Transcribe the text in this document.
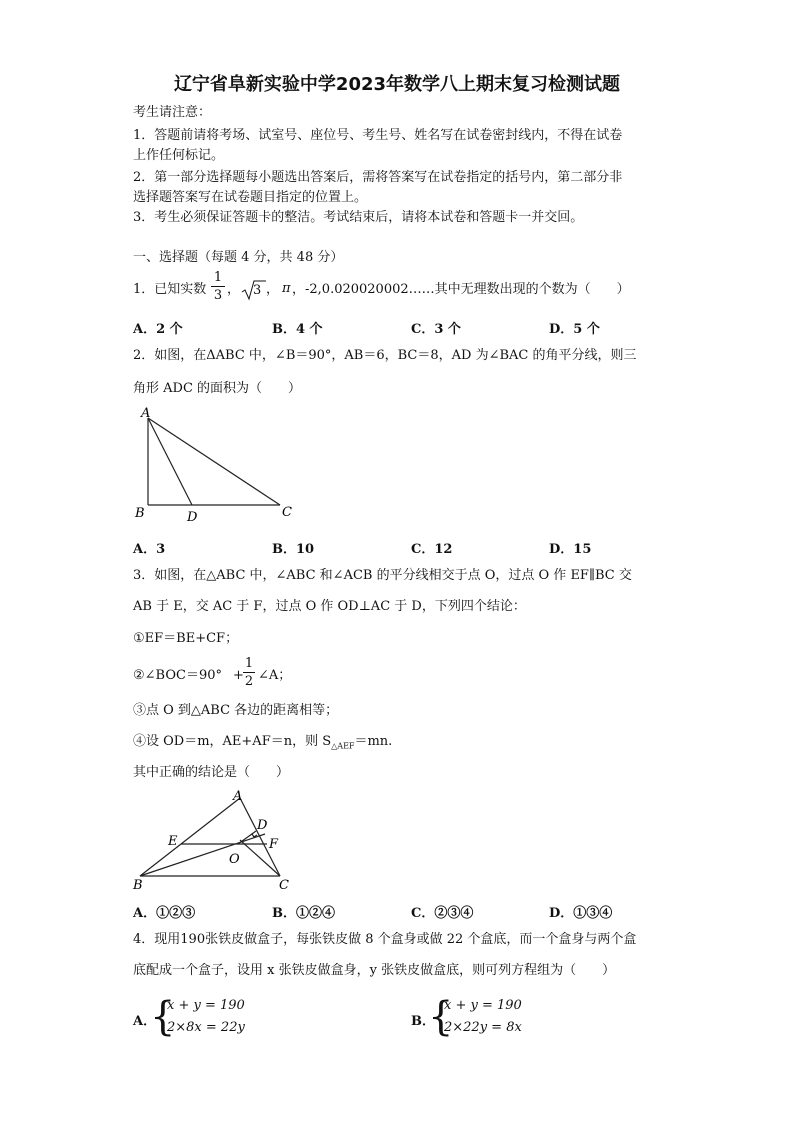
辽宁省阜新实验中学2023年数学八上期末复习检测试题
考生请注意：
1．答题前请将考场、试室号、座位号、考生号、姓名写在试卷密封线内，不得在试卷
上作任何标记。
2．第一部分选择题每小题选出答案后，需将答案写在试卷指定的括号内，第二部分非
选择题答案写在试卷题目指定的位置上。
3．考生必须保证答题卡的整洁。考试结束后，请将本试卷和答题卡一并交回。
一、选择题（每题 4 分，共 48 分）
1．已知实数
1
3 ， 3 ， π ，-2,0.020020002……其中无理数出现的个数为（　　）
A．2 个	B．4 个	C．3 个	D．5 个
2．如图，在ΔABC 中，∠B＝90°，AB＝6，BC＝8，AD 为∠BAC 的角平分线，则三
角形 ADC 的面积为（　　）
A
B	D	C
A．3	B．10	C．12	D．15
3．如图，在△ABC 中，∠ABC 和∠ACB 的平分线相交于点 O，过点 O 作 EF∥BC 交
AB 于 E，交 AC 于 F，过点 O 作 OD⊥AC 于 D，下列四个结论：
①EF＝BE+CF；
②∠BOC＝90° +
1
2 ∠A；
③点 O 到△ABC 各边的距离相等；
④设 OD＝m，AE+AF＝n，则 $S_{\triangle AEF}=mn$.
其中正确的结论是（　　）
A
D
E	F
O
B	C
A．①②③	B．①②④	C．②③④	D．①③④
4．现用190张铁皮做盒子，每张铁皮做 8 个盒身或做 22 个盒底，而一个盒身与两个盒
底配成一个盒子，设用 x 张铁皮做盒身，y 张铁皮做盒底，则可列方程组为（　　）
A．
{
x + y = 190
2×8x = 22y	B．
{
x + y = 190
2×22y = 8x
